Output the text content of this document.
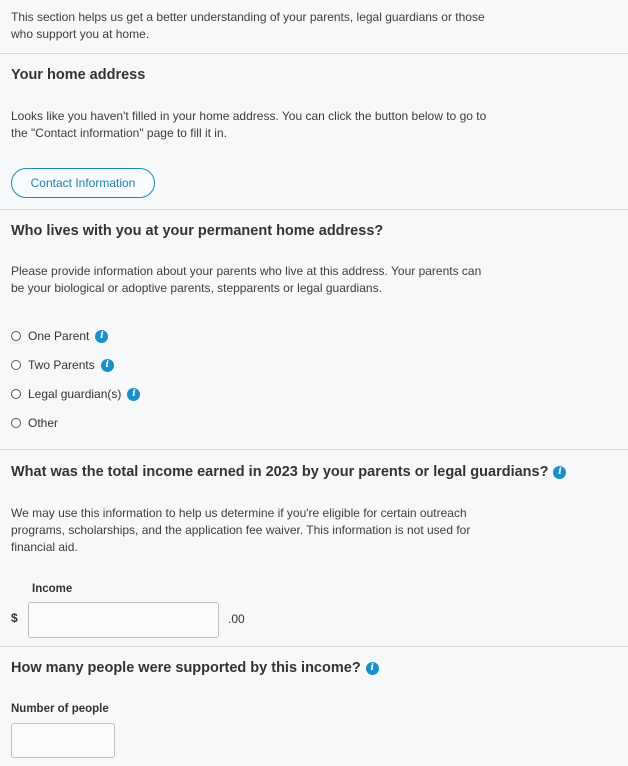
This section helps us get a better understanding of your parents, legal guardians or those who support you at home.
Your home address
Looks like you haven't filled in your home address. You can click the button below to go to the "Contact information" page to fill it in.
Contact Information
Who lives with you at your permanent home address?
Please provide information about your parents who live at this address. Your parents can be your biological or adoptive parents, stepparents or legal guardians.
One Parent	i
Two Parents	i
Legal guardian(s)	i
Other
What was the total income earned in 2023 by your parents or legal guardians?	i
We may use this information to help us determine if you're eligible for certain outreach programs, scholarships, and the application fee waiver. This information is not used for financial aid.
Income
$	.00
How many people were supported by this income?	i
Number of people
